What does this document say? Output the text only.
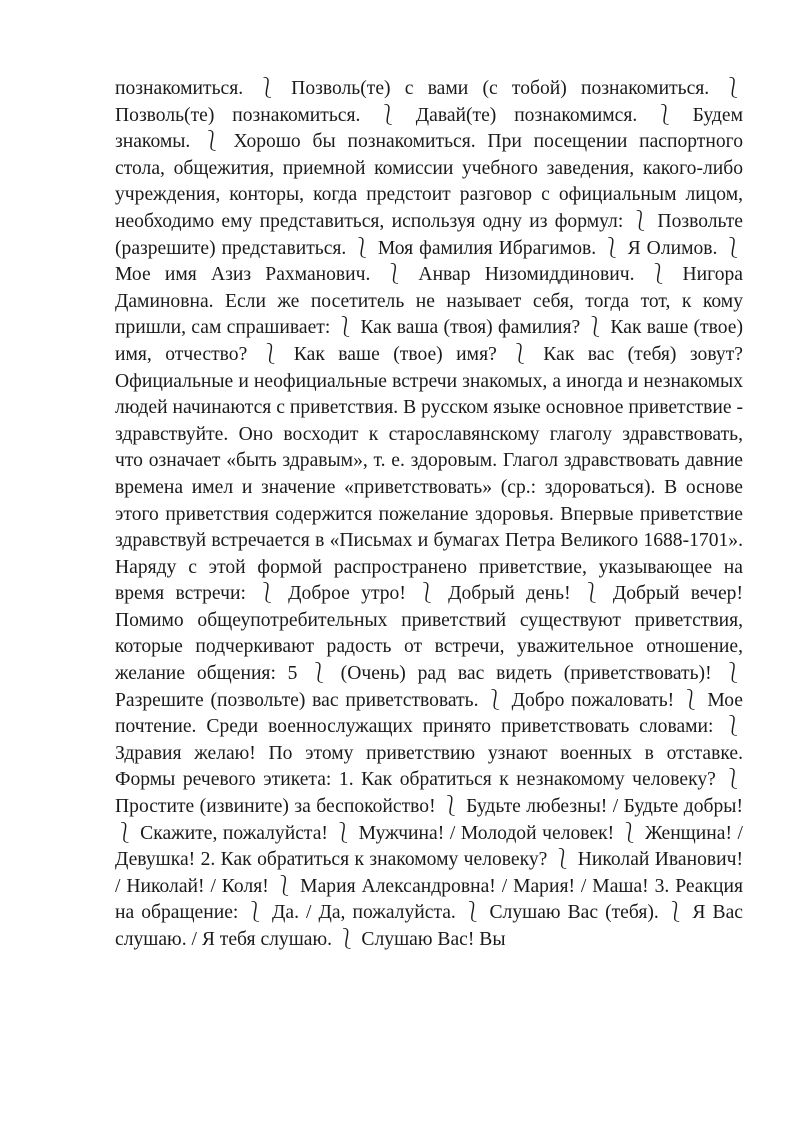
познакомиться. ⎱ Позволь(те) с вами (с тобой) познакомиться. ⎱ Позволь(те) познакомиться. ⎱ Давай(те) познакомимся. ⎱ Будем знакомы. ⎱ Хорошо бы познакомиться. При посещении паспортного стола, общежития, приемной комиссии учебного заведения, какого-либо учреждения, конторы, когда предстоит разговор с официальным лицом, необходимо ему представиться, используя одну из формул: ⎱ Позвольте (разрешите) представиться. ⎱ Моя фамилия Ибрагимов. ⎱ Я Олимов. ⎱ Мое имя Азиз Рахманович. ⎱ Анвар Низомиддинович. ⎱ Нигора Даминовна. Если же посетитель не называет себя, тогда тот, к кому пришли, сам спрашивает: ⎱ Как ваша (твоя) фамилия? ⎱ Как ваше (твое) имя, отчество? ⎱ Как ваше (твое) имя? ⎱ Как вас (тебя) зовут? Официальные и неофициальные встречи знакомых, а иногда и незнакомых людей начинаются с приветствия. В русском языке основное приветствие - здравствуйте. Оно восходит к старославянскому глаголу здравствовать, что означает «быть здравым», т. е. здоровым. Глагол здравствовать давние времена имел и значение «приветствовать» (ср.: здороваться). В основе этого приветствия содержится пожелание здоровья. Впервые приветствие здравствуй встречается в «Письмах и бумагах Петра Великого 1688-1701». Наряду с этой формой распространено приветствие, указывающее на время встречи: ⎱ Доброе утро! ⎱ Добрый день! ⎱ Добрый вечер! Помимо общеупотребительных приветствий существуют приветствия, которые подчеркивают радость от встречи, уважительное отношение, желание общения: 5 ⎱ (Очень) рад вас видеть (приветствовать)! ⎱ Разрешите (позвольте) вас приветствовать. ⎱ Добро пожаловать! ⎱ Мое почтение. Среди военнослужащих принято приветствовать словами: ⎱ Здравия желаю! По этому приветствию узнают военных в отставке. Формы речевого этикета: 1. Как обратиться к незнакомому человеку? ⎱ Простите (извините) за беспокойство! ⎱ Будьте любезны! / Будьте добры! ⎱ Скажите, пожалуйста! ⎱ Мужчина! / Молодой человек! ⎱ Женщина! / Девушка! 2. Как обратиться к знакомому человеку? ⎱ Николай Иванович! / Николай! / Коля! ⎱ Мария Александровна! / Мария! / Маша! 3. Реакция на обращение: ⎱ Да. / Да, пожалуйста. ⎱ Слушаю Вас (тебя). ⎱ Я Вас слушаю. / Я тебя слушаю. ⎱ Слушаю Вас! Вы
